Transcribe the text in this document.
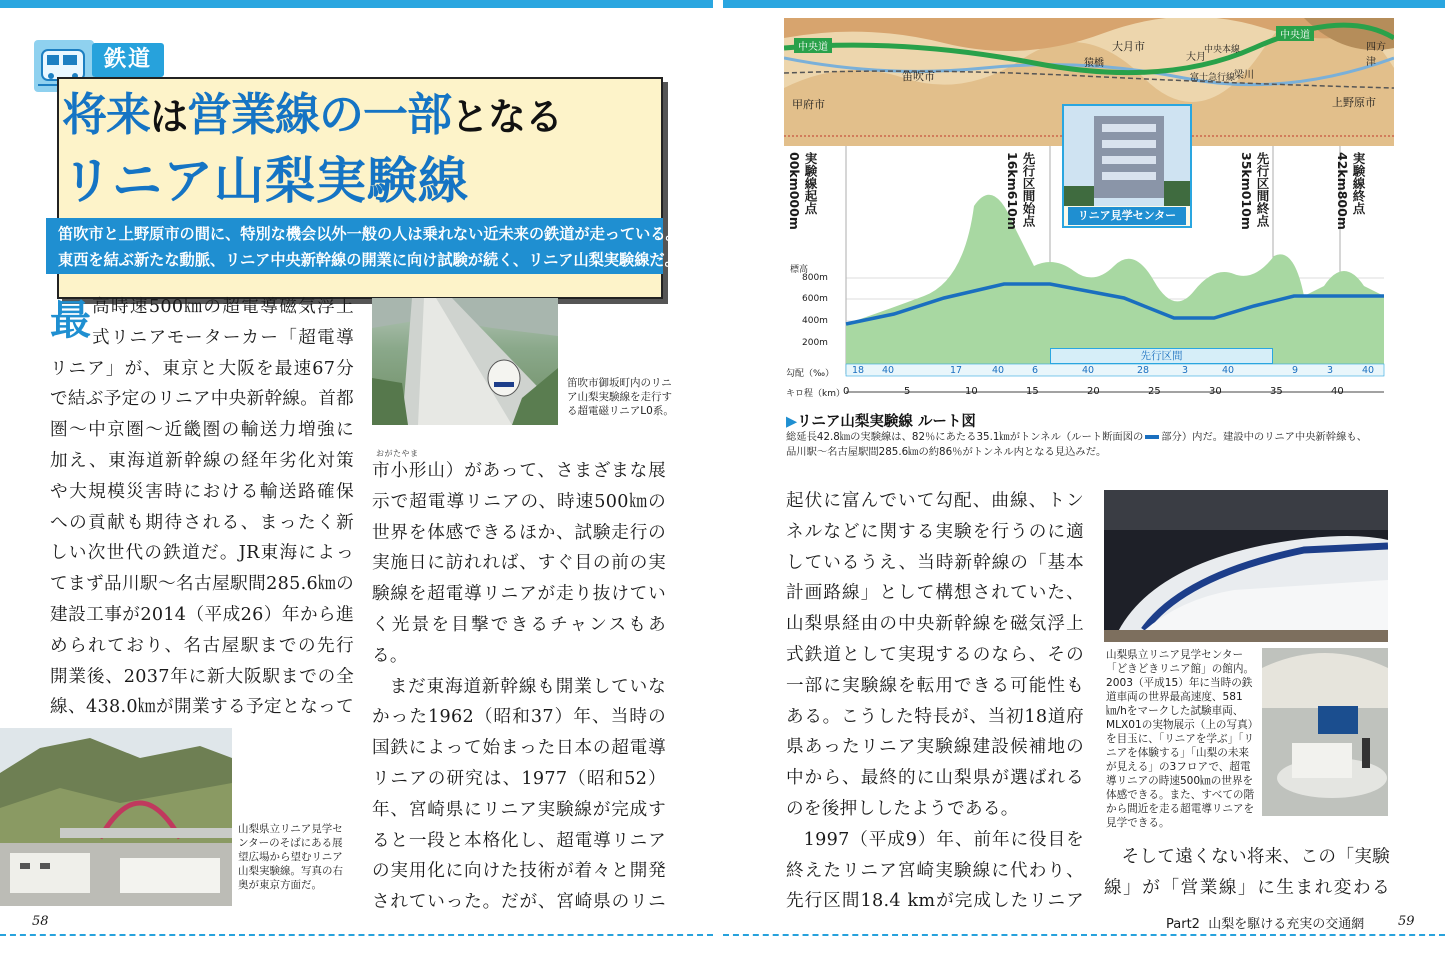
鉄道
将来は営業線の一部となる
リニア山梨実験線
笛吹市と上野原市の間に、特別な機会以外一般の人は乗れない近未来の鉄道が走っている。
東西を結ぶ新たな動脈、リニア中央新幹線の開業に向け試験が続く、リニア山梨実験線だ。
最 高時速500㎞の超電導磁気浮上式リニアモーターカー「超電導リニア」が、東京と大阪を最速67分で結ぶ予定のリニア中央新幹線。首都圏〜中京圏〜近畿圏の輸送力増強に加え、東海道新幹線の経年劣化対策や大規模災害時における輸送路確保への貢献も期待される、まったく新しい次世代の鉄道だ。JR東海によってまず品川駅〜名古屋駅間285.6㎞の建設工事が2014（平成26）年から進められており、名古屋駅までの先行開業後、2037年に新大阪駅までの全線、438.0㎞が開業する予定となって
笛吹市御坂町内のリニア山梨実験線を走行する超電磁リニアL0系。
おがたやま
市小形山）があって、さまざまな展示で超電導リニアの、時速500㎞の世界を体感できるほか、試験走行の実施日に訪れれば、すぐ目の前の実験線を超電導リニアが走り抜けていく光景を目撃できるチャンスもある。
まだ東海道新幹線も開業していなかった1962（昭和37）年、当時の国鉄によって始まった日本の超電導リニアの研究は、1977（昭和52）年、宮崎県にリニア実験線が完成すると一段と本格化し、超電導リニアの実用化に向けた技術が着々と開発されていった。だが、宮崎県のリニ
山梨県立リニア見学センターのそばにある展望広場から望むリニア山梨実験線。写真の右奥が東京方面だ。
58
中央道
笛吹市
大月市
大月
猿橋
中央本線
梁川
四方津
甲府市
富士急行線
上野原市
中央道
実験線起点
00km000m	先行区間始点
16km610m	先行区間終点
35km010m	実験線終点
42km800m
標高
800m
600m
400m
200m
先行区間
勾配（‰） 18 40	17	40	6	40	28	3	40	9	3	40
キロ程（km）
0	5	10	15	20	25	30	35	40
リニア見学センター
▶リニア山梨実験線 ルート図
総延長42.8㎞の実験線は、82％にあたる35.1㎞がトンネル（ルート断面図の 部分）内だ。建設中のリニア中央新幹線も、品川駅〜名古屋駅間285.6㎞の約86％がトンネル内となる見込みだ。
起伏に富んでいて勾配、曲線、トンネルなどに関する実験を行うのに適しているうえ、当時新幹線の「基本計画路線」として構想されていた、山梨県経由の中央新幹線を磁気浮上式鉄道として実現するのなら、その一部に実験線を転用できる可能性もある。こうした特長が、当初18道府県あったリニア実験線建設候補地の中から、最終的に山梨県が選ばれるのを後押ししたようである。
1997（平成9）年、前年に役目を終えたリニア宮崎実験線に代わり、先行区間18.4 kmが完成したリニア
山梨県立リニア見学センター「どきどきリニア館」の館内。2003（平成15）年に当時の鉄道車両の世界最高速度、581㎞/hをマークした試験車両、MLX01の実物展示（上の写真）を目玉に、「リニアを学ぶ」「リニアを体験する」「山梨の未来が見える」の3フロアで、超電導リニアの時速500㎞の世界を体感できる。また、すべての階から間近を走る超電導リニアを見学できる。
そして遠くない将来、この「実験線」が「営業線」に生まれ変わる
Part2 山梨を駆ける充実の交通網	59
